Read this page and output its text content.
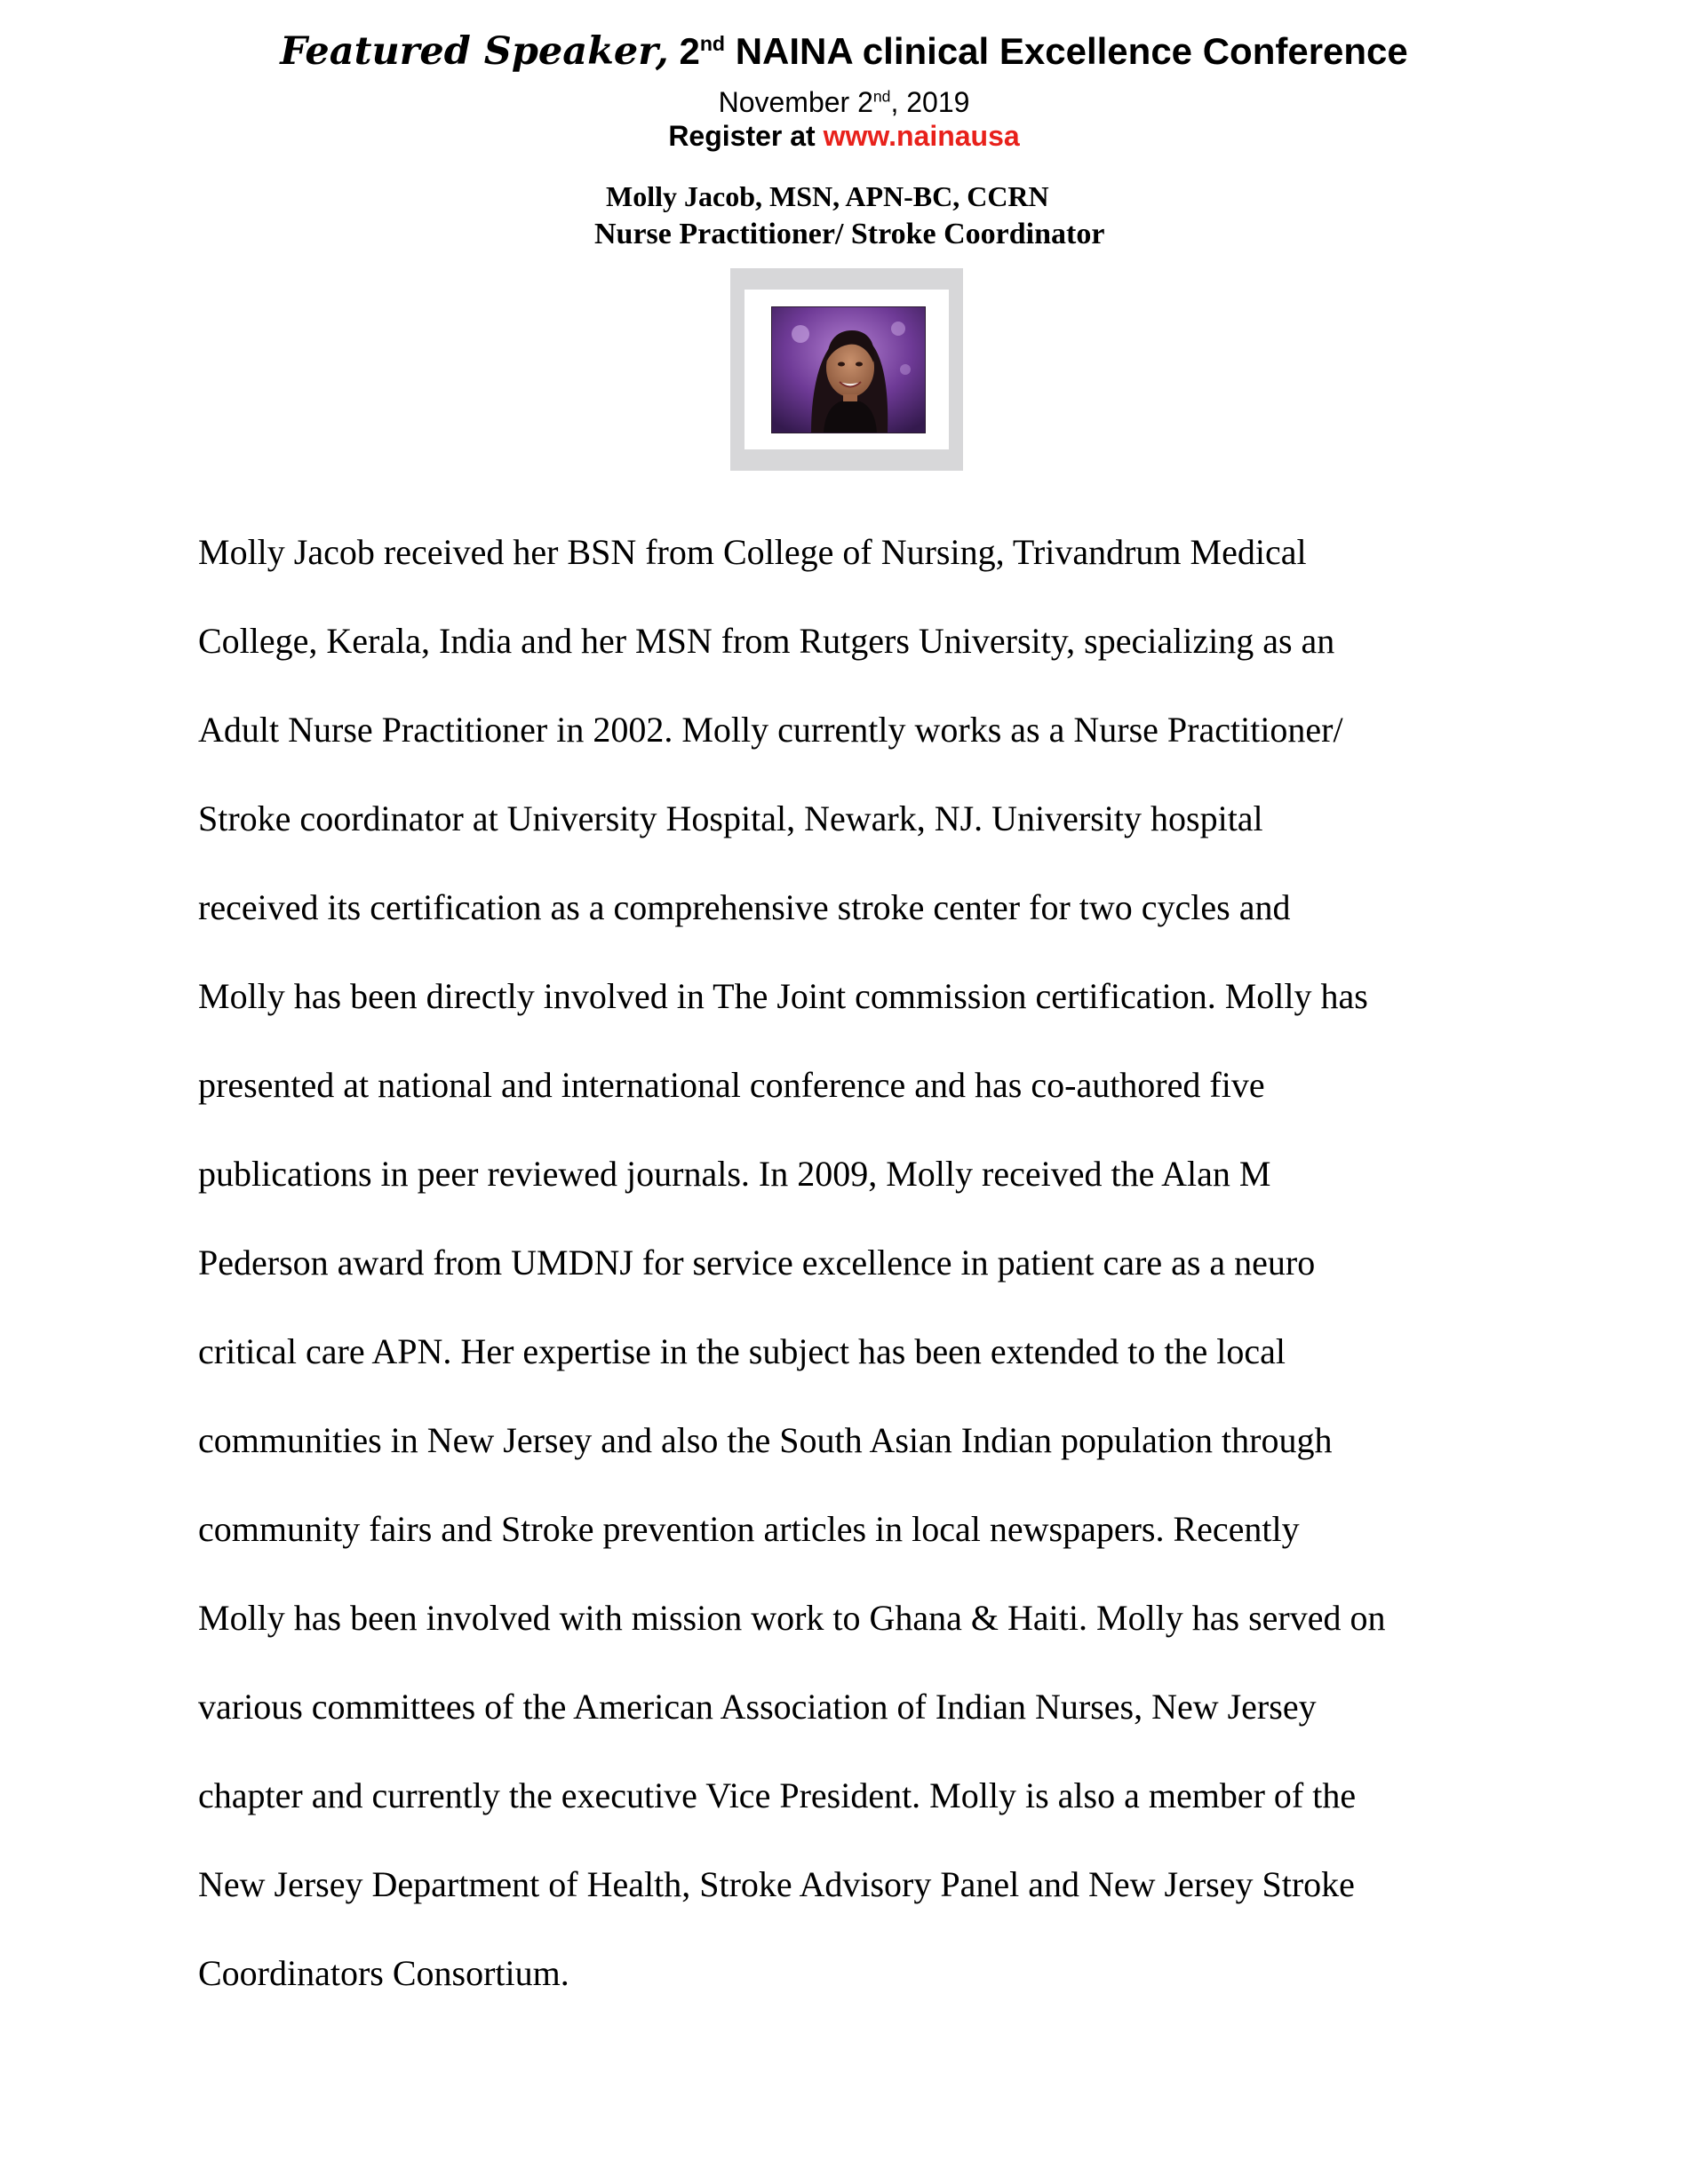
Featured Speaker, 2nd NAINA clinical Excellence Conference
November 2nd, 2019
Register at www.nainausa
Molly Jacob, MSN, APN-BC, CCRN
Nurse Practitioner/ Stroke Coordinator
Molly Jacob received her BSN from College of Nursing, Trivandrum Medical
College, Kerala, India and her MSN from Rutgers University, specializing as an
Adult Nurse Practitioner in 2002. Molly currently works as a Nurse Practitioner/
Stroke coordinator at University Hospital, Newark, NJ. University hospital
received its certification as a comprehensive stroke center for two cycles and
Molly has been directly involved in The Joint commission certification. Molly has
presented at national and international conference and has co-authored five
publications in peer reviewed journals. In 2009, Molly received the Alan M
Pederson award from UMDNJ for service excellence in patient care as a neuro
critical care APN. Her expertise in the subject has been extended to the local
communities in New Jersey and also the South Asian Indian population through
community fairs and Stroke prevention articles in local newspapers. Recently
Molly has been involved with mission work to Ghana & Haiti. Molly has served on
various committees of the American Association of Indian Nurses, New Jersey
chapter and currently the executive Vice President. Molly is also a member of the
New Jersey Department of Health, Stroke Advisory Panel and New Jersey Stroke
Coordinators Consortium.
